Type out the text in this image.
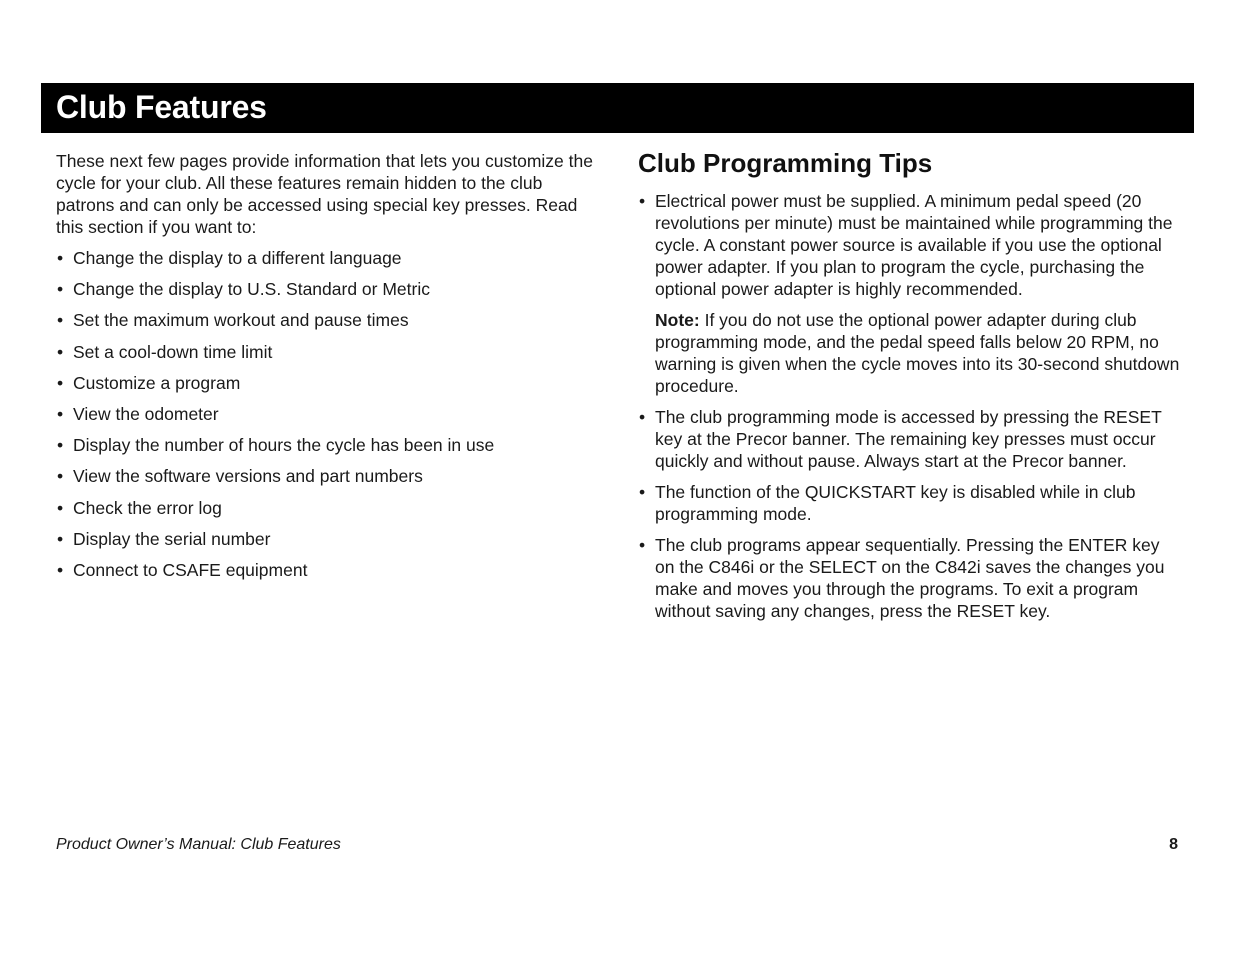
Club Features

These next few pages provide information that lets you customize the cycle for your club. All these features remain hidden to the club patrons and can only be accessed using special key presses. Read this section if you want to:

• Change the display to a different language
• Change the display to U.S. Standard or Metric
• Set the maximum workout and pause times
• Set a cool-down time limit
• Customize a program
• View the odometer
• Display the number of hours the cycle has been in use
• View the software versions and part numbers
• Check the error log
• Display the serial number
• Connect to CSAFE equipment
Club Programming Tips
• Electrical power must be supplied. A minimum pedal speed (20 revolutions per minute) must be maintained while programming the cycle. A constant power source is available if you use the optional power adapter. If you plan to program the cycle, purchasing the optional power adapter is highly recommended.

Note: If you do not use the optional power adapter during club programming mode, and the pedal speed falls below 20 RPM, no warning is given when the cycle moves into its 30-second shutdown procedure.

• The club programming mode is accessed by pressing the RESET key at the Precor banner. The remaining key presses must occur quickly and without pause. Always start at the Precor banner.
• The function of the QUICKSTART key is disabled while in club programming mode.
• The club programs appear sequentially. Pressing the ENTER key on the C846i or the SELECT on the C842i saves the changes you make and moves you through the programs. To exit a program without saving any changes, press the RESET key.
Product Owner’s Manual: Club Features	8
